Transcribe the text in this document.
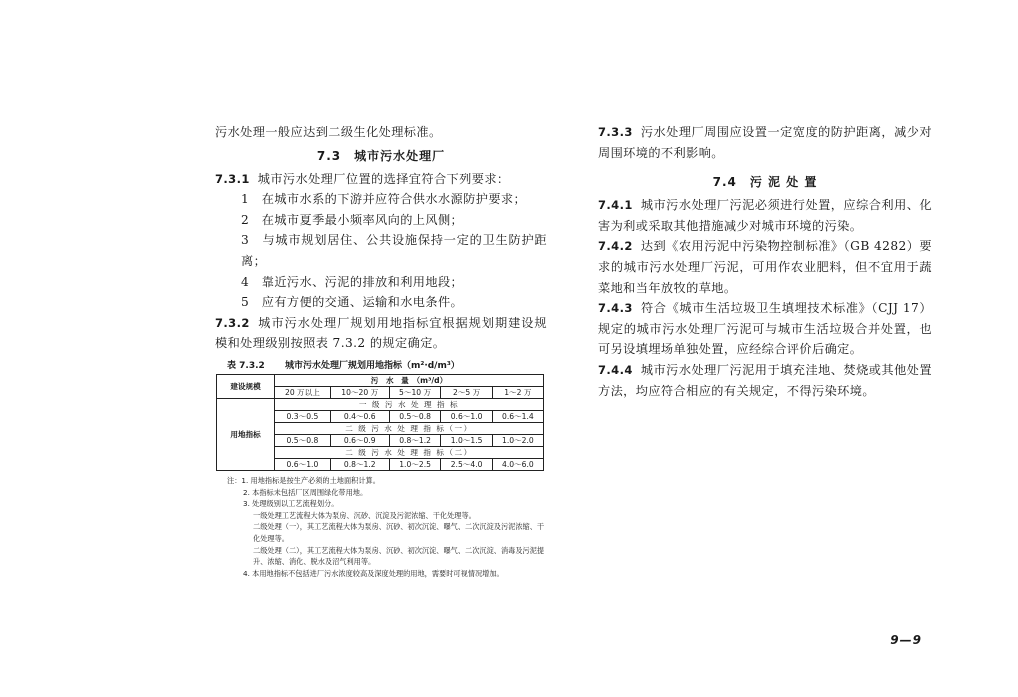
污水处理一般应达到二级生化处理标准。
7.3　城市污水处理厂
7.3.1 城市污水处理厂位置的选择宜符合下列要求：
1　在城市水系的下游并应符合供水水源防护要求；
2　在城市夏季最小频率风向的上风侧；
3　与城市规划居住、公共设施保持一定的卫生防护距离；
4　靠近污水、污泥的排放和利用地段；
5　应有方便的交通、运输和水电条件。
7.3.2 城市污水处理厂规划用地指标宜根据规划期建设规模和处理级别按照表 7.3.2 的规定确定。
表 7.3.2 城市污水处理厂规划用地指标（m²·d/m³）
建设规模	污　水　量　（m³/d）				
	20 万以上	10～20 万	5～10 万	2～5 万	1～2 万
用地指标	一 级 污 水 处 理 指 标				
	0.3～0.5	0.4～0.6	0.5～0.8	0.6～1.0	0.6～1.4
	二 级 污 水 处 理 指 标（一）				
	0.5～0.8	0.6～0.9	0.8～1.2	1.0～1.5	1.0～2.0
	二 级 污 水 处 理 指 标（二）				
	0.6～1.0	0.8～1.2	1.0～2.5	2.5～4.0	4.0～6.0
注：1. 用地指标是按生产必须的土地面积计算。
2. 本指标未包括厂区周围绿化带用地。
3. 处理级别以工艺流程划分。
一级处理工艺流程大体为泵房、沉砂、沉淀及污泥浓缩、干化处理等。
二级处理（一），其工艺流程大体为泵房、沉砂、初次沉淀、曝气、二次沉淀及污泥浓缩、干化处理等。
二级处理（二），其工艺流程大体为泵房、沉砂、初次沉淀、曝气、二次沉淀、消毒及污泥提升、浓缩、消化、脱水及沼气利用等。
4. 本用地指标不包括进厂污水浓度较高及深度处理的用地，需要时可视情况增加。
7.3.3 污水处理厂周围应设置一定宽度的防护距离，减少对周围环境的不利影响。
7.4　污 泥 处 置
7.4.1 城市污水处理厂污泥必须进行处置，应综合利用、化害为利或采取其他措施减少对城市环境的污染。
7.4.2 达到《农用污泥中污染物控制标准》（GB 4282）要求的城市污水处理厂污泥，可用作农业肥料，但不宜用于蔬菜地和当年放牧的草地。
7.4.3 符合《城市生活垃圾卫生填埋技术标准》（CJJ 17）规定的城市污水处理厂污泥可与城市生活垃圾合并处置，也可另设填埋场单独处置，应经综合评价后确定。
7.4.4 城市污水处理厂污泥用于填充洼地、焚烧或其他处置方法，均应符合相应的有关规定，不得污染环境。
9—9
